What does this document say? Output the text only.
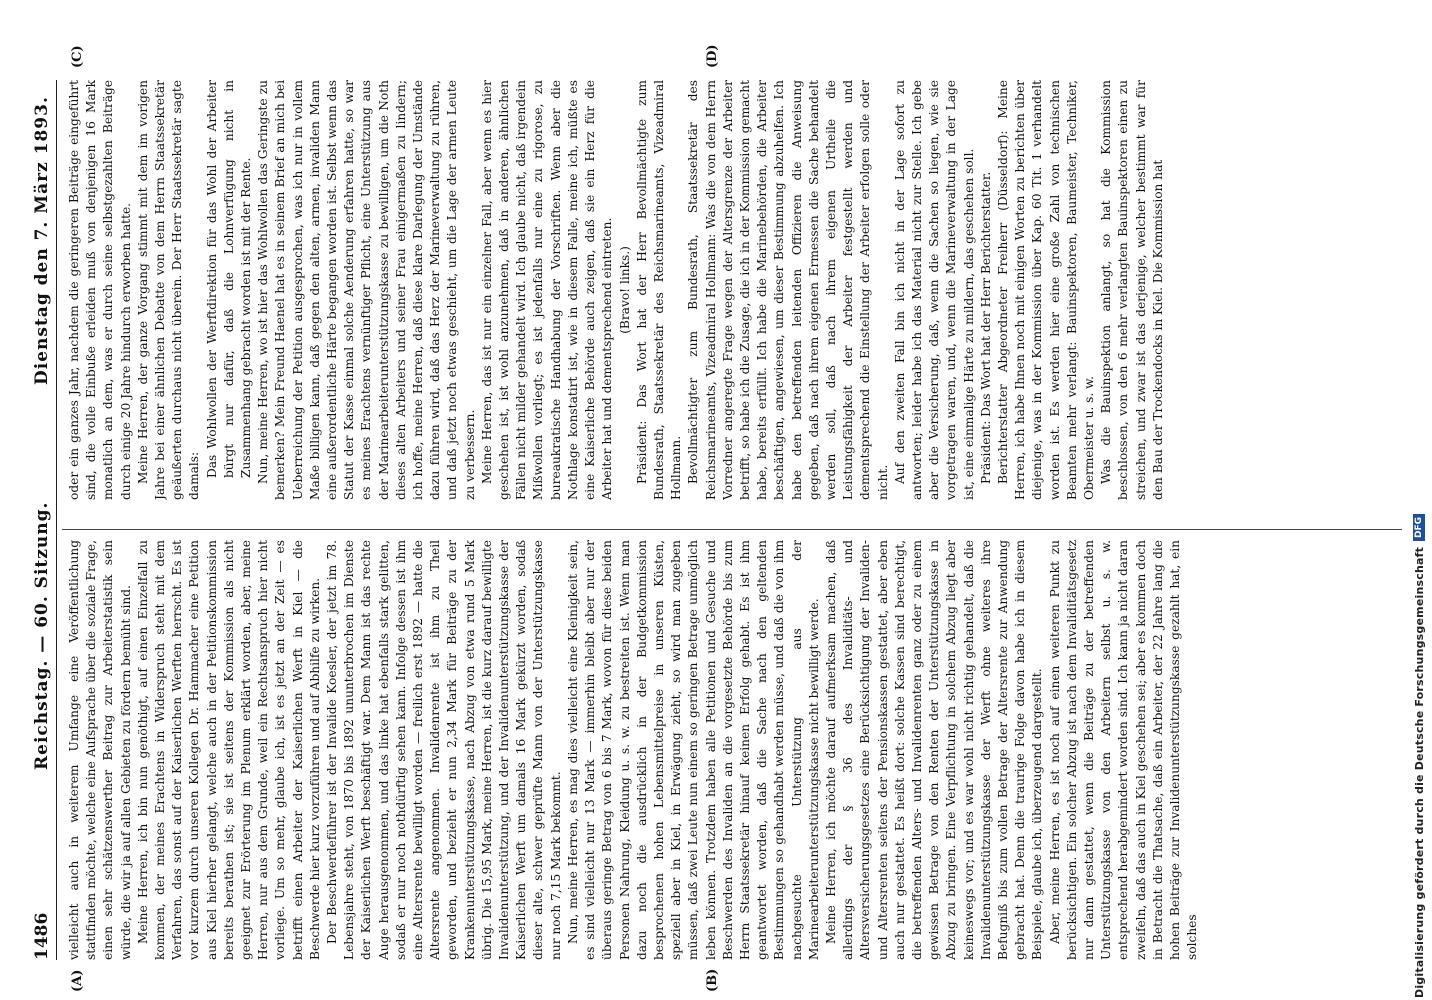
1486
Reichstag. — 60. Sitzung.
Dienstag den 7. März 1893.
(A)	(B)
(C)	(D)

vielleicht auch in weiterem Umfange eine Veröffentlichung stattfinden möchte, welche eine Aufsprache über die soziale Frage, einen sehr schätzenswerther Beitrag zur Arbeiterstatistik sein würde, die wir ja auf allen Gebieten zu fördern bemüht sind. Meine Herren, ich bin nun genöthigt, auf einen Einzelfall zu kommen, der meines Erachtens in Widerspruch steht mit dem Verfahren, das sonst auf der Kaiserlichen Werften herrscht. Es ist vor kurzem durch unseren Kollegen Dr. Hammacher eine Petition aus Kiel hierher gelangt, welche auch in der Petitionskommission bereits berathen ist; sie ist seitens der Kommission als nicht geeignet zur Erörterung im Plenum erklärt worden, aber, meine Herren, nur aus dem Grunde, weil ein Rechtsanspruch hier nicht vorliege. Um so mehr, glaube ich, ist es jetzt an der Zeit — es betrifft einen Arbeiter der Kaiserlichen Werft in Kiel — die Beschwerde hier kurz vorzuführen und auf Abhilfe zu wirken. Der Beschwerdeführer ist der Invalide Koesler, der jetzt im 78. Lebensjahre steht, von 1870 bis 1892 ununterbrochen im Dienste der Kaiserlichen Werft beschäftigt war. Dem Mann ist das rechte Auge herausgenommen, und das linke hat ebenfalls stark gelitten, sodaß er nur noch nothdürftig sehen kann. Infolge dessen ist ihm eine Altersrente bewilligt worden — freilich erst 1892 — hatte die Altersrente angenommen. Invalidenrente ist ihm zu Theil geworden, und bezieht er nun 2,34 Mark für Beiträge zu der Krankenunterstützungskasse, nach Abzug von etwa rund 5 Mark übrig. Die 15,95 Mark, meine Herren, ist die kurz darauf bewilligte Invalidenunterstützung, und der Invalidenunterstützungskasse der Kaiserlichen Werft um damals 16 Mark gekürzt worden, sodaß dieser alte, schwer geprüfte Mann von der Unterstützungskasse nur noch 7,15 Mark bekommt. Nun, meine Herren, es mag dies vielleicht eine Kleinigkeit sein, es sind vielleicht nur 13 Mark — immerhin bleibt aber nur der überaus geringe Betrag von 6 bis 7 Mark, wovon für diese beiden Personen Nahrung, Kleidung u. s. w. zu bestreiten ist. Wenn man dazu noch die ausdrücklich in der Budgetkommission besprochenen hohen Lebensmittelpreise in unseren Küsten, speziell aber in Kiel, in Erwägung zieht, so wird man zugeben müssen, daß zwei Leute nun einem so geringen Betrage unmöglich leben können. Trotzdem haben alle Petitionen und Gesuche und Beschwerden des Invaliden an die vorgesetzte Behörde bis zum Herrn Staatssekretär hinauf keinen Erfolg gehabt. Es ist ihm geantwortet worden, daß die Sache nach den geltenden Bestimmungen so gehandhabt werden müsse, und daß die von ihm nachgesuchte Unterstützung aus der Marinearbeiterunterstützungskasse nicht bewilligt werde. Meine Herren, ich möchte darauf aufmerksam machen, daß allerdings der § 36 des Invaliditäts- und Altersversicherungsgesetzes eine Berücksichtigung der Invaliden- und Altersrenten seitens der Pensionskassen gestattet, aber eben auch nur gestattet. Es heißt dort: solche Kassen sind berechtigt, die betreffenden Alters- und Invalidenrenten ganz oder zu einem gewissen Betrage von den Renten der Unterstützungskasse in Abzug zu bringen. Eine Verpflichtung in solchem Abzug liegt aber keineswegs vor; und es war wohl nicht richtig gehandelt, daß die Invalidenunterstützungskasse der Werft ohne weiteres ihre Befugniß bis zum vollen Betrage der Altersrente zur Anwendung gebracht hat. Denn die traurige Folge davon habe ich in diesem Beispiele, glaube ich, überzeugend dargestellt. Aber, meine Herren, es ist noch auf einen weiteren Punkt zu berücksichtigen. Ein solcher Abzug ist nach dem Invaliditätsgesetz nur dann gestattet, wenn die Beiträge zu der betreffenden Unterstützungskasse von den Arbeitern selbst u. s. w. entsprechend herabgemindert worden sind. Ich kann ja nicht daran zweifeln, daß das auch in Kiel geschehen sei; aber es kommen doch in Betracht die Thatsache, daß ein Arbeiter, der 22 Jahre lang die hohen Beiträge zur Invalidenunterstützungskasse gezahlt hat, ein solches

oder ein ganzes Jahr, nachdem die geringeren Beiträge eingeführt sind, die volle Einbuße erleiden muß von denjenigen 16 Mark monatlich an dem, was er durch seine selbstgezahlten Beiträge durch einige 20 Jahre hindurch erworben hatte. Meine Herren, der ganze Vorgang stimmt mit dem im vorigen Jahre bei einer ähnlichen Debatte von dem Herrn Staatssekretär geäußerten durchaus nicht überein. Der Herr Staatssekretär sagte damals: Das Wohlwollen der Werftdirektion für das Wohl der Arbeiter bürgt nur dafür, daß die Lohnverfügung nicht in Zusammenhang gebracht worden ist mit der Rente. Nun, meine Herren, wo ist hier das Wohlwollen das Geringste zu bemerken? Mein Freund Haenel hat es in seinem Brief an mich bei Ueberreichung der Petition ausgesprochen, was ich nur in vollem Maße billigen kann, daß gegen den alten, armen, invaliden Mann eine außerordentliche Härte begangen worden ist. Selbst wenn das Statut der Kasse einmal solche Aenderung erfahren hatte, so war es meines Erachtens vernünftiger Pflicht, eine Unterstützung aus der Marinearbeiterunterstützungskasse zu bewilligen, um die Noth dieses alten Arbeiters und seiner Frau einigermaßen zu lindern; ich hoffe, meine Herren, daß diese klare Darlegung der Umstände dazu führen wird, daß das Herz der Marineverwaltung zu rühren, und daß jetzt noch etwas geschieht, um die Lage der armen Leute zu verbessern. Meine Herren, das ist nur ein einzelner Fall, aber wenn es hier geschehen ist, ist wohl anzunehmen, daß in anderen, ähnlichen Fällen nicht milder gehandelt wird. Ich glaube nicht, daß irgendein Mißwollen vorliegt; es ist jedenfalls nur eine zu rigorose, zu bureaukratische Handhabung der Vorschriften. Wenn aber die Nothlage konstatirt ist, wie in diesem Falle, meine ich, müßte es eine Kaiserliche Behörde auch zeigen, daß sie ein Herz für die Arbeiter hat und dementsprechend eintreten. (Bravo! links.) Präsident: Das Wort hat der Herr Bevollmächtigte zum Bundesrath, Staatssekretär des Reichsmarineamts, Vizeadmiral Hollmann. Bevollmächtigter zum Bundesrath, Staatssekretär des Reichsmarineamts, Vizeadmiral Hollmann: Was die von dem Herrn Vorredner angeregte Frage wegen der Altersgrenze der Arbeiter betrifft, so habe ich die Zusage, die ich in der Kommission gemacht habe, bereits erfüllt. Ich habe die Marinebehörden, die Arbeiter beschäftigen, angewiesen, um dieser Bestimmung abzuhelfen. Ich habe den betreffenden leitenden Offizieren die Anweisung gegeben, daß nach ihrem eigenen Ermessen die Sache behandelt werden soll, daß nach ihrem eigenen Urtheile die Leistungsfähigkeit der Arbeiter festgestellt werden und dementsprechend die Einstellung der Arbeiter erfolgen solle oder nicht. Auf den zweiten Fall bin ich nicht in der Lage sofort zu antworten; leider habe ich das Material nicht zur Stelle. Ich gebe aber die Versicherung, daß, wenn die Sachen so liegen, wie sie vorgetragen waren, und, wenn die Marineverwaltung in der Lage ist, eine einmalige Härte zu mildern, das geschehen soll. Präsident: Das Wort hat der Herr Berichterstatter. Berichterstatter Abgeordneter Freiherr (Düsseldorf): Meine Herren, ich habe Ihnen noch mit einigen Worten zu berichten über diejenige, was in der Kommission über Kap. 60 Tit. 1 verhandelt worden ist. Es werden hier eine große Zahl von technischen Beamten mehr verlangt: Bauinspektoren, Baumeister, Techniker, Obermeister u. s. w. Was die Bauinspektion anlangt, so hat die Kommission beschlossen, von den 6 mehr verlangten Bauinspektoren einen zu streichen, und zwar ist das derjenige, welcher bestimmt war für den Bau der Trockendocks in Kiel. Die Kommission hat

Digitalisierung gefördert durch die Deutsche Forschungsgemeinschaft
DFG
